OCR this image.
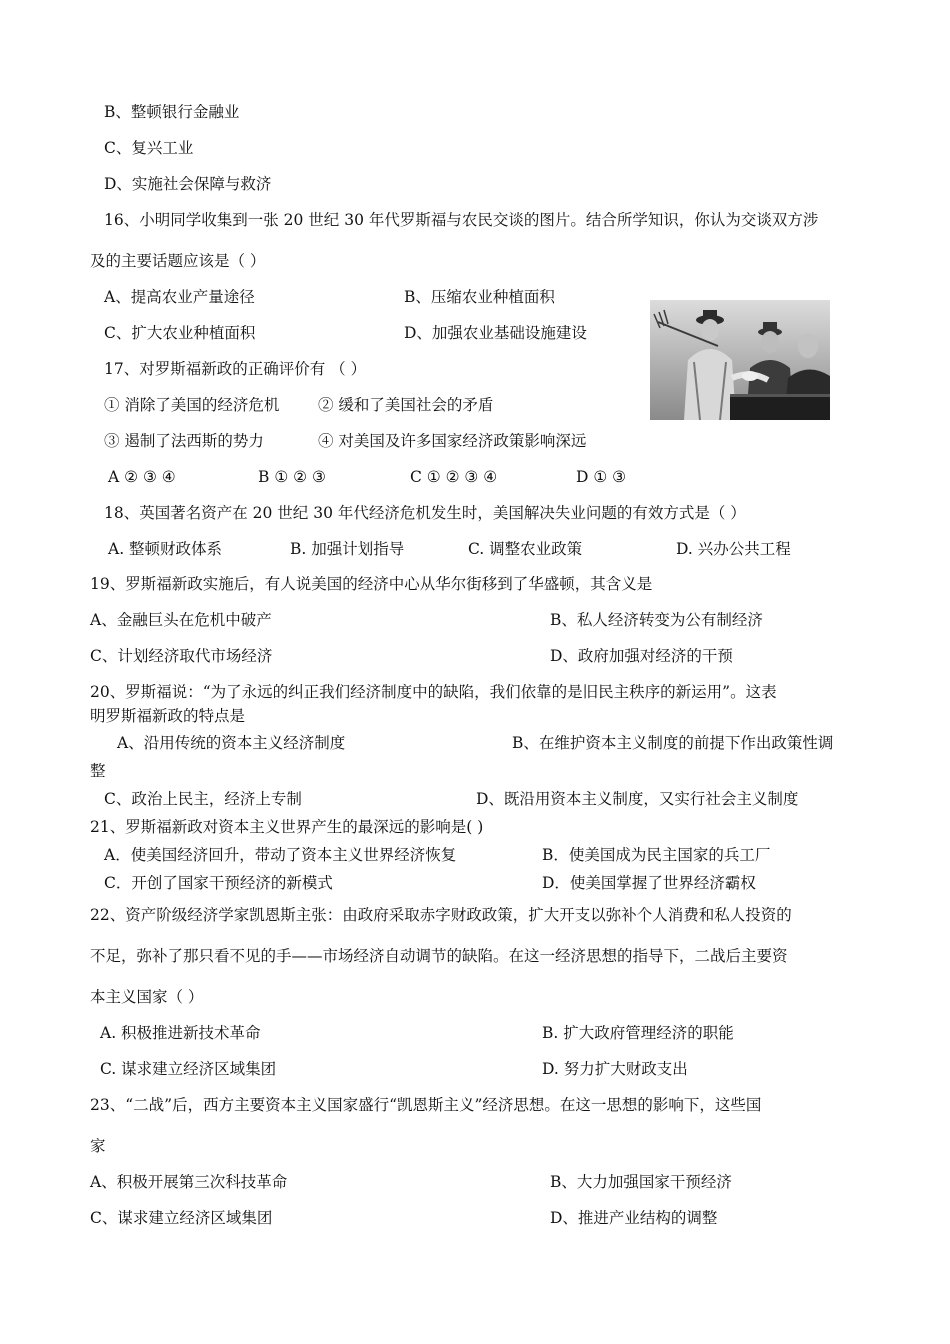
B、整顿银行金融业
C、复兴工业
D、实施社会保障与救济
16、小明同学收集到一张 20 世纪 30 年代罗斯福与农民交谈的图片。结合所学知识，你认为交谈双方涉
及的主要话题应该是（ ）
A、提高农业产量途径	B、压缩农业种植面积
C、扩大农业种植面积	D、加强农业基础设施建设
17、对罗斯福新政的正确评价有 （ ）
① 消除了美国的经济危机 ② 缓和了美国社会的矛盾
③ 遏制了法西斯的势力	④ 对美国及许多国家经济政策影响深远
A ② ③ ④	B ① ② ③	C ① ② ③ ④	D ① ③
18、英国著名资产在 20 世纪 30 年代经济危机发生时，美国解决失业问题的有效方式是（ ）
A. 整顿财政体系	B. 加强计划指导	C. 调整农业政策	D. 兴办公共工程
19、罗斯福新政实施后，有人说美国的经济中心从华尔街移到了华盛顿，其含义是
A、金融巨头在危机中破产	B、私人经济转变为公有制经济
C、计划经济取代市场经济	D、政府加强对经济的干预
20、罗斯福说：“为了永远的纠正我们经济制度中的缺陷，我们依靠的是旧民主秩序的新运用”。这表
明罗斯福新政的特点是
A、沿用传统的资本主义经济制度	B、在维护资本主义制度的前提下作出政策性调
整
C、政治上民主，经济上专制	D、既沿用资本主义制度，又实行社会主义制度
21、罗斯福新政对资本主义世界产生的最深远的影响是( )
A．使美国经济回升，带动了资本主义世界经济恢复	B．使美国成为民主国家的兵工厂
C．开创了国家干预经济的新模式	D．使美国掌握了世界经济霸权
22、资产阶级经济学家凯恩斯主张：由政府采取赤字财政政策，扩大开支以弥补个人消费和私人投资的
不足，弥补了那只看不见的手——市场经济自动调节的缺陷。在这一经济思想的指导下，二战后主要资
本主义国家（ ）
A. 积极推进新技术革命	B. 扩大政府管理经济的职能
C. 谋求建立经济区域集团	D. 努力扩大财政支出
23、“二战”后，西方主要资本主义国家盛行“凯恩斯主义”经济思想。在这一思想的影响下，这些国
家
A、积极开展第三次科技革命	B、大力加强国家干预经济
C、谋求建立经济区域集团	D、推进产业结构的调整
